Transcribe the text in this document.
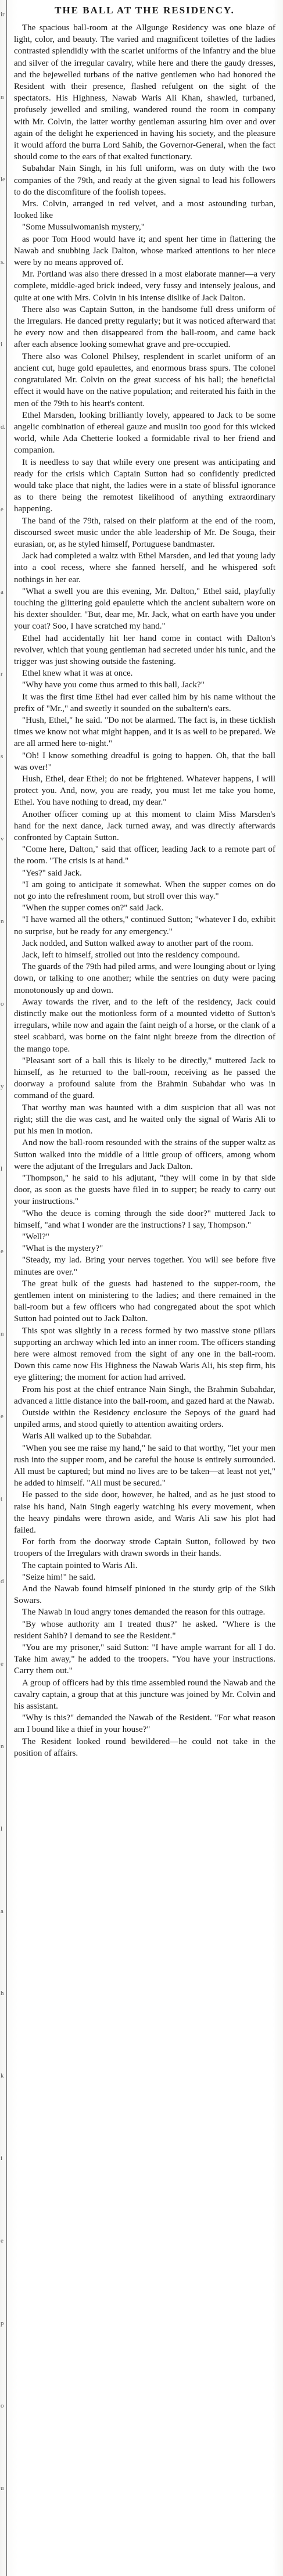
ir
n
le
s.
i
d.
e
a
r
s
v
n
o
y
l
e
n
e
t
d
e
n
l
a
h
k
i
e
p
o
u
THE BALL AT THE RESIDENCY.

The spacious ball-room at the Allgunge Residency was one blaze of light, color, and beauty. The varied and magnificent toilettes of the ladies contrasted splendidly with the scarlet uniforms of the infantry and the blue and silver of the irregular cavalry, while here and there the gaudy dresses, and the bejewelled turbans of the native gentlemen who had honored the Resident with their presence, flashed refulgent on the sight of the spectators. His Highness, Nawab Waris Ali Khan, shawled, turbaned, profusely jewelled and smiling, wandered round the room in company with Mr. Colvin, the latter worthy gentleman assuring him over and over again of the delight he experienced in having his society, and the pleasure it would afford the burra Lord Sahib, the Governor-General, when the fact should come to the ears of that exalted functionary.

Subahdar Nain Singh, in his full uniform, was on duty with the two companies of the 79th, and ready at the given signal to lead his followers to do the discomfiture of the foolish topees.

Mrs. Colvin, arranged in red velvet, and a most astounding turban, looked like

"Some Mussulwomanish mystery,"

as poor Tom Hood would have it; and spent her time in flattering the Nawab and snubbing Jack Dalton, whose marked attentions to her niece were by no means approved of.

Mr. Portland was also there dressed in a most elaborate manner—a very complete, middle-aged brick indeed, very fussy and intensely jealous, and quite at one with Mrs. Colvin in his intense dislike of Jack Dalton.

There also was Captain Sutton, in the handsome full dress uniform of the Irregulars. He danced pretty regularly; but it was noticed afterward that he every now and then disappeared from the ball-room, and came back after each absence looking somewhat grave and pre-occupied.

There also was Colonel Philsey, resplendent in scarlet uniform of an ancient cut, huge gold epaulettes, and enormous brass spurs. The colonel congratulated Mr. Colvin on the great success of his ball; the beneficial effect it would have on the native population; and reiterated his faith in the men of the 79th to his heart's content.

Ethel Marsden, looking brilliantly lovely, appeared to Jack to be some angelic combination of ethereal gauze and muslin too good for this wicked world, while Ada Chetterie looked a formidable rival to her friend and companion.

It is needless to say that while every one present was anticipating and ready for the crisis which Captain Sutton had so confidently predicted would take place that night, the ladies were in a state of blissful ignorance as to there being the remotest likelihood of anything extraordinary happening.

The band of the 79th, raised on their platform at the end of the room, discoursed sweet music under the able leadership of Mr. De Souga, their eurasian, or, as he styled himself, Portuguese bandmaster.

Jack had completed a waltz with Ethel Marsden, and led that young lady into a cool recess, where she fanned herself, and he whispered soft nothings in her ear.

"What a swell you are this evening, Mr. Dalton," Ethel said, playfully touching the glittering gold epaulette which the ancient subaltern wore on his dexter shoulder. "But, dear me, Mr. Jack, what on earth have you under your coat? Soo, I have scratched my hand."

Ethel had accidentally hit her hand come in contact with Dalton's revolver, which that young gentleman had secreted under his tunic, and the trigger was just showing outside the fastening.

Ethel knew what it was at once.

"Why have you come thus armed to this ball, Jack?"

It was the first time Ethel had ever called him by his name without the prefix of "Mr.," and sweetly it sounded on the subaltern's ears.

"Hush, Ethel," he said. "Do not be alarmed. The fact is, in these ticklish times we know not what might happen, and it is as well to be prepared. We are all armed here to-night."

"Oh! I know something dreadful is going to happen. Oh, that the ball was over!"

Hush, Ethel, dear Ethel; do not be frightened. Whatever happens, I will protect you. And, now, you are ready, you must let me take you home, Ethel. You have nothing to dread, my dear."

Another officer coming up at this moment to claim Miss Marsden's hand for the next dance, Jack turned away, and was directly afterwards confronted by Captain Sutton.

"Come here, Dalton," said that officer, leading Jack to a remote part of the room. "The crisis is at hand."

"Yes?" said Jack.

"I am going to anticipate it somewhat. When the supper comes on do not go into the refreshment room, but stroll over this way."

"When the supper comes on?" said Jack.

"I have warned all the others," continued Sutton; "whatever I do, exhibit no surprise, but be ready for any emergency."

Jack nodded, and Sutton walked away to another part of the room.

Jack, left to himself, strolled out into the residency compound.

The guards of the 79th had piled arms, and were lounging about or lying down, or talking to one another; while the sentries on duty were pacing monotonously up and down.

Away towards the river, and to the left of the residency, Jack could distinctly make out the motionless form of a mounted videtto of Sutton's irregulars, while now and again the faint neigh of a horse, or the clank of a steel scabbard, was borne on the faint night breeze from the direction of the mango tope.

"Pleasant sort of a ball this is likely to be directly," muttered Jack to himself, as he returned to the ball-room, receiving as he passed the doorway a profound salute from the Brahmin Subahdar who was in command of the guard.

That worthy man was haunted with a dim suspicion that all was not right; still the die was cast, and he waited only the signal of Waris Ali to put his men in motion.

And now the ball-room resounded with the strains of the supper waltz as Sutton walked into the middle of a little group of officers, among whom were the adjutant of the Irregulars and Jack Dalton.

"Thompson," he said to his adjutant, "they will come in by that side door, as soon as the guests have filed in to supper; be ready to carry out your instructions."

"Who the deuce is coming through the side door?" muttered Jack to himself, "and what I wonder are the instructions? I say, Thompson."

"Well?"

"What is the mystery?"

"Steady, my lad. Bring your nerves together. You will see before five minutes are over."

The great bulk of the guests had hastened to the supper-room, the gentlemen intent on ministering to the ladies; and there remained in the ball-room but a few officers who had congregated about the spot which Sutton had pointed out to Jack Dalton.

This spot was slightly in a recess formed by two massive stone pillars supporting an archway which led into an inner room. The officers standing here were almost removed from the sight of any one in the ball-room. Down this came now His Highness the Nawab Waris Ali, his step firm, his eye glittering; the moment for action had arrived.

From his post at the chief entrance Nain Singh, the Brahmin Subahdar, advanced a little distance into the ball-room, and gazed hard at the Nawab.

Outside within the Residency enclosure the Sepoys of the guard had unpiled arms, and stood quietly to attention awaiting orders.

Waris Ali walked up to the Subahdar.

"When you see me raise my hand," he said to that worthy, "let your men rush into the supper room, and be careful the house is entirely surrounded. All must be captured; but mind no lives are to be taken—at least not yet," he added to himself. "All must be secured."

He passed to the side door, however, he halted, and as he just stood to raise his hand, Nain Singh eagerly watching his every movement, when the heavy pindahs were thrown aside, and Waris Ali saw his plot had failed.

For forth from the doorway strode Captain Sutton, followed by two troopers of the Irregulars with drawn swords in their hands.

The captain pointed to Waris Ali.

"Seize him!" he said.

And the Nawab found himself pinioned in the sturdy grip of the Sikh Sowars.

The Nawab in loud angry tones demanded the reason for this outrage.

"By whose authority am I treated thus?" he asked. "Where is the resident Sahib? I demand to see the Resident."

"You are my prisoner," said Sutton: "I have ample warrant for all I do. Take him away," he added to the troopers. "You have your instructions. Carry them out."

A group of officers had by this time assembled round the Nawab and the cavalry captain, a group that at this juncture was joined by Mr. Colvin and his assistant.

"Why is this?" demanded the Nawab of the Resident. "For what reason am I bound like a thief in your house?"

The Resident looked round bewildered—he could not take in the position of affairs.
